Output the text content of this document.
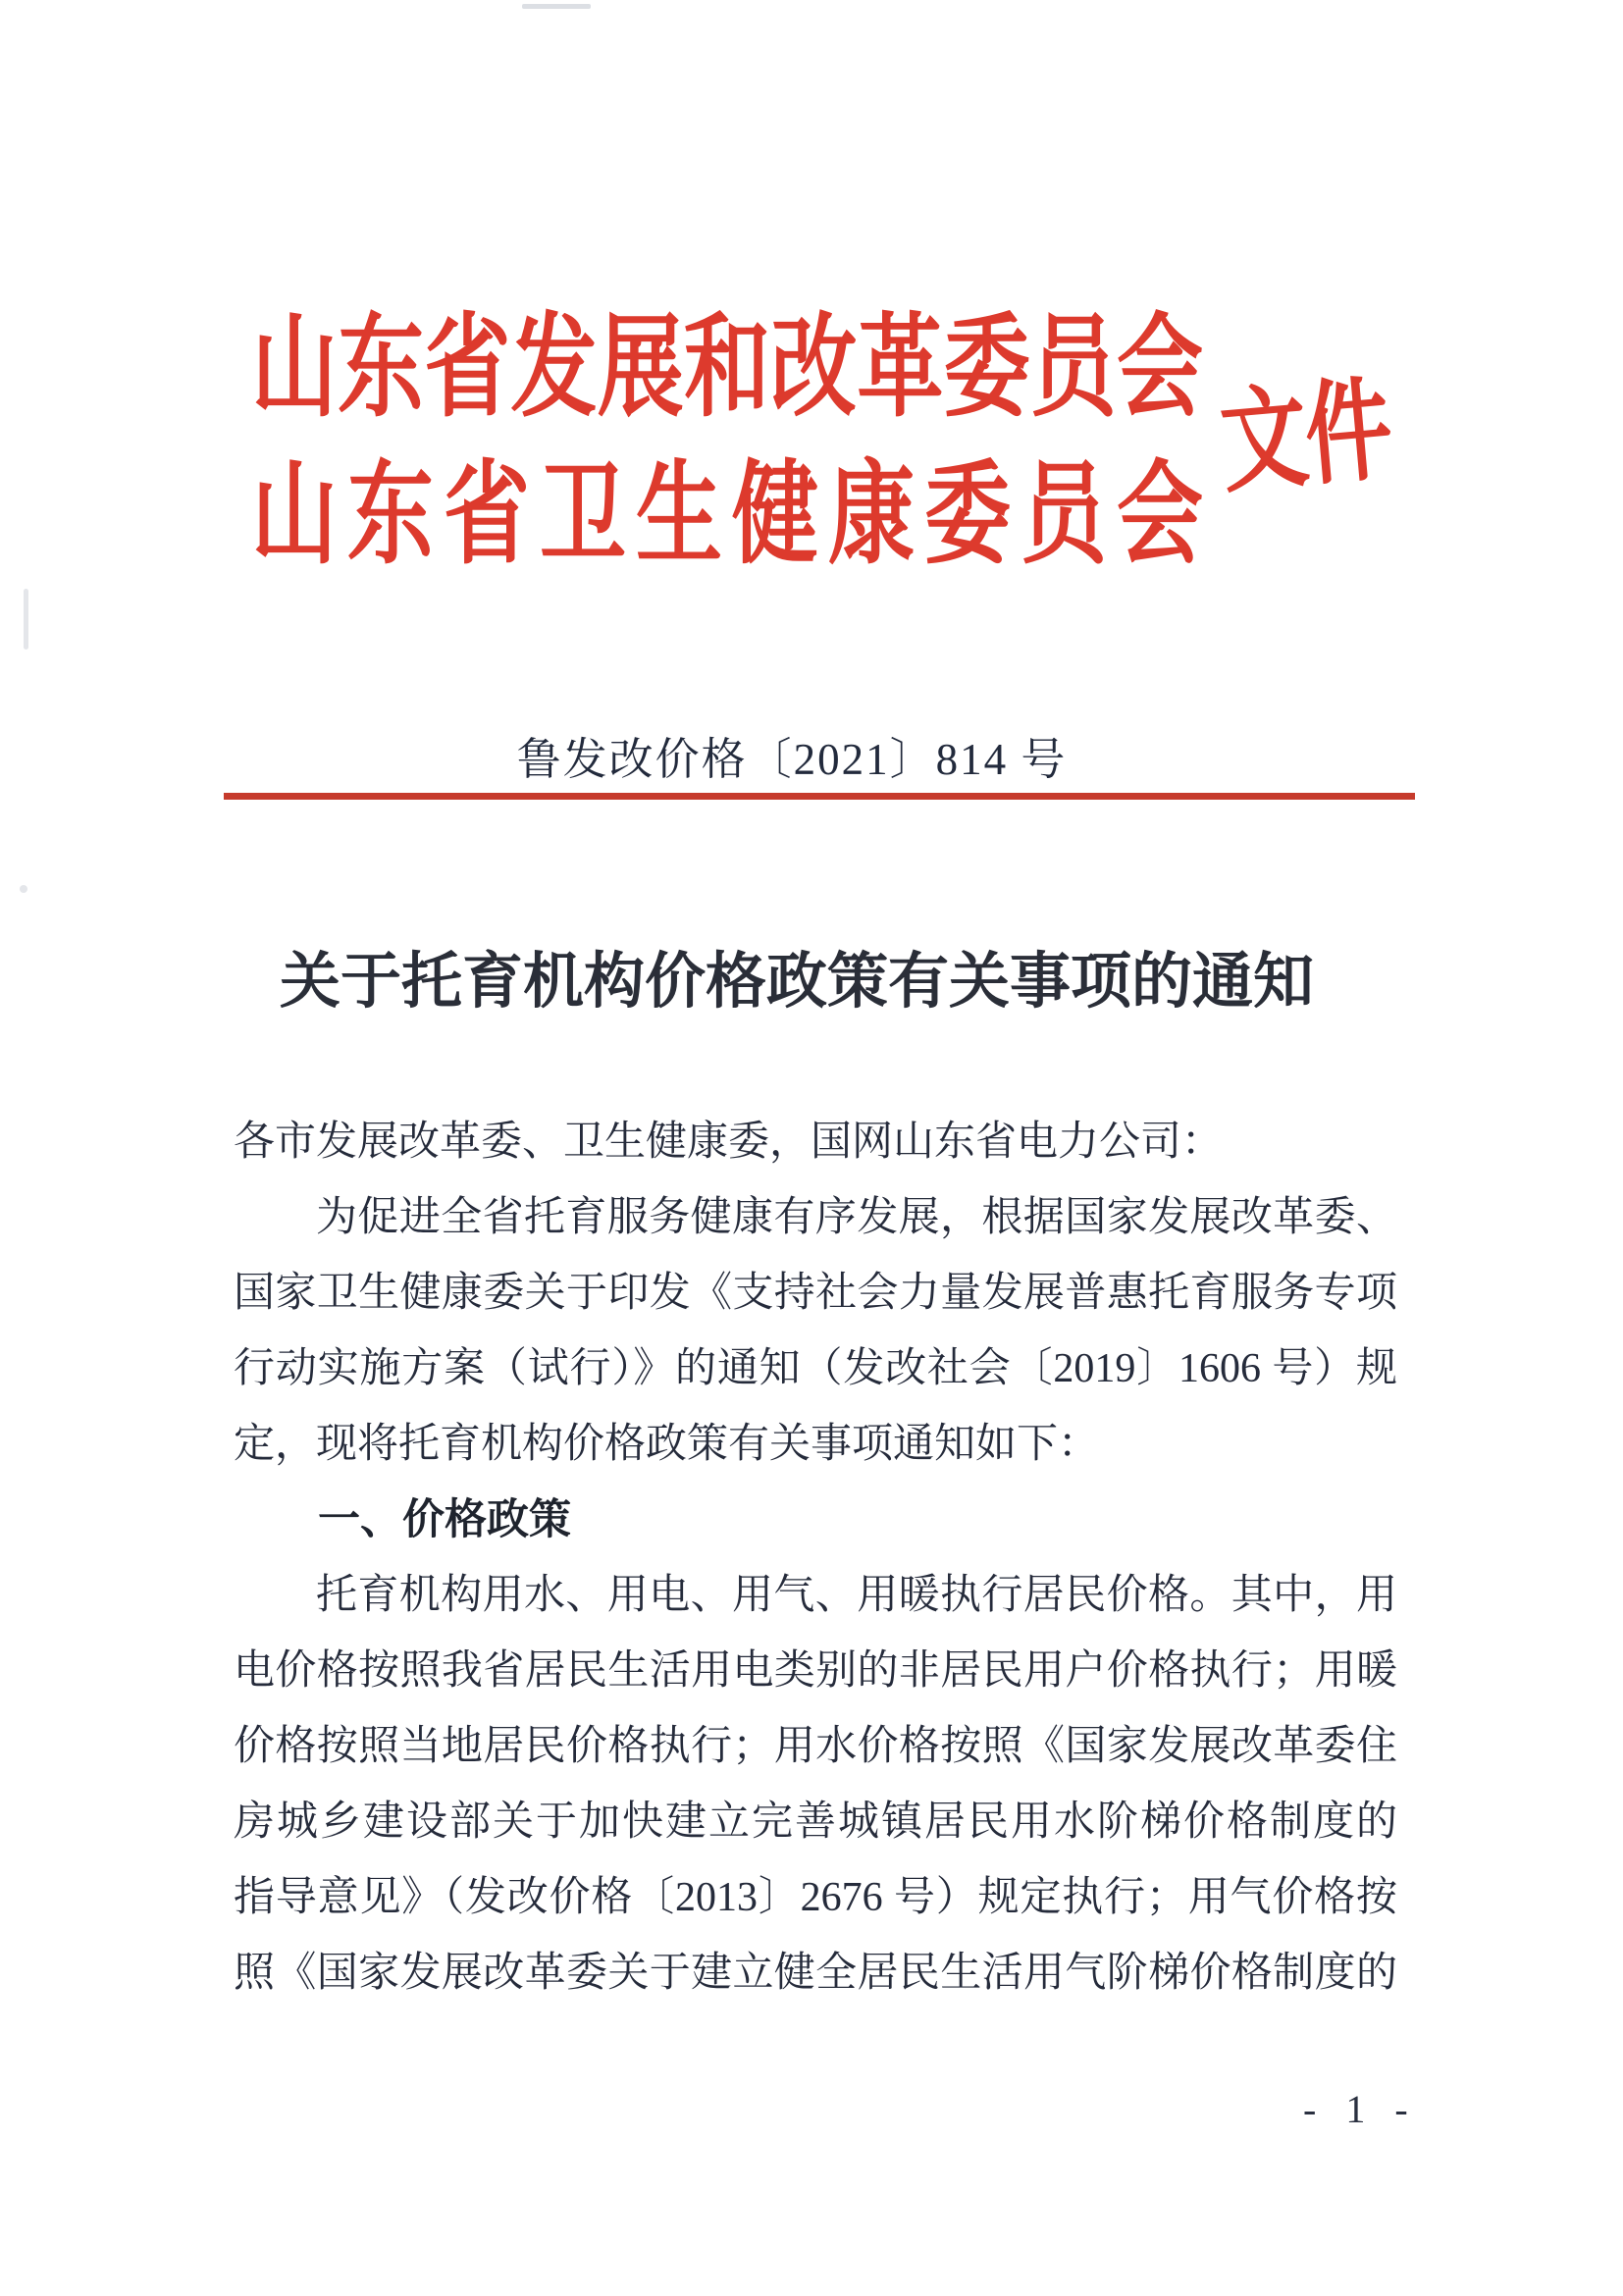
山东省发展和改革委员会
山东省卫生健康委员会
文件
鲁发改价格〔2021〕814 号
关于托育机构价格政策有关事项的通知
各市发展改革委、卫生健康委，国网山东省电力公司：
为促进全省托育服务健康有序发展，根据国家发展改革委、
国家卫生健康委关于印发《支持社会力量发展普惠托育服务专项
行动实施方案（试行）》的通知（发改社会〔2019〕1606 号）规
定，现将托育机构价格政策有关事项通知如下：
一、价格政策
托育机构用水、用电、用气、用暖执行居民价格。其中，用
电价格按照我省居民生活用电类别的非居民用户价格执行；用暖
价格按照当地居民价格执行；用水价格按照《国家发展改革委住
房城乡建设部关于加快建立完善城镇居民用水阶梯价格制度的
指导意见》（发改价格〔2013〕2676 号）规定执行；用气价格按
照《国家发展改革委关于建立健全居民生活用气阶梯价格制度的
- 1 -
